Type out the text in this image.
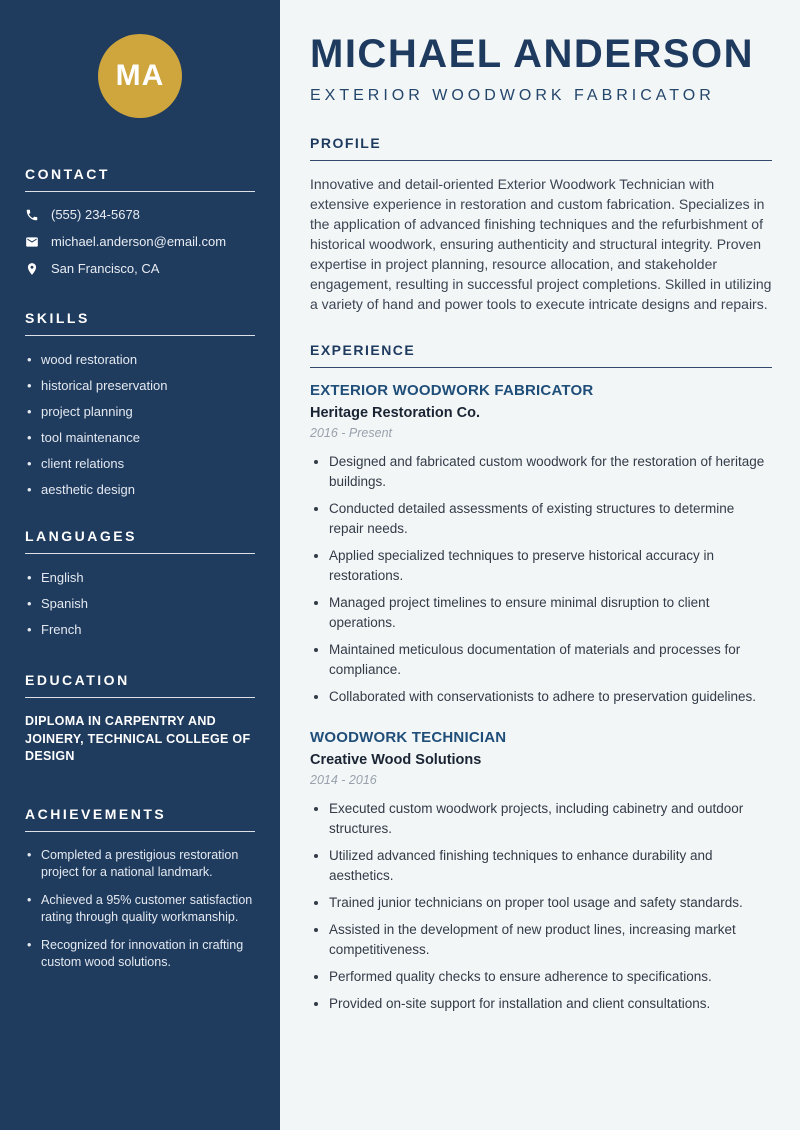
MA
CONTACT
(555) 234-5678
michael.anderson@email.com
San Francisco, CA
SKILLS
• wood restoration
• historical preservation
• project planning
• tool maintenance
• client relations
• aesthetic design
LANGUAGES
• English
• Spanish
• French
EDUCATION

DIPLOMA IN CARPENTRY AND JOINERY, TECHNICAL COLLEGE OF DESIGN

ACHIEVEMENTS
• Completed a prestigious restoration project for a national landmark.
• Achieved a 95% customer satisfaction rating through quality workmanship.
• Recognized for innovation in crafting custom wood solutions.
MICHAEL ANDERSON
EXTERIOR WOODWORK FABRICATOR
PROFILE

Innovative and detail-oriented Exterior Woodwork Technician with extensive experience in restoration and custom fabrication. Specializes in the application of advanced finishing techniques and the refurbishment of historical woodwork, ensuring authenticity and structural integrity. Proven expertise in project planning, resource allocation, and stakeholder engagement, resulting in successful project completions. Skilled in utilizing a variety of hand and power tools to execute intricate designs and repairs.

EXPERIENCE
EXTERIOR WOODWORK FABRICATOR
Heritage Restoration Co.
2016 - Present
• Designed and fabricated custom woodwork for the restoration of heritage buildings.
• Conducted detailed assessments of existing structures to determine repair needs.
• Applied specialized techniques to preserve historical accuracy in restorations.
• Managed project timelines to ensure minimal disruption to client operations.
• Maintained meticulous documentation of materials and processes for compliance.
• Collaborated with conservationists to adhere to preservation guidelines.
WOODWORK TECHNICIAN
Creative Wood Solutions
2014 - 2016
• Executed custom woodwork projects, including cabinetry and outdoor structures.
• Utilized advanced finishing techniques to enhance durability and aesthetics.
• Trained junior technicians on proper tool usage and safety standards.
• Assisted in the development of new product lines, increasing market competitiveness.
• Performed quality checks to ensure adherence to specifications.
• Provided on-site support for installation and client consultations.
